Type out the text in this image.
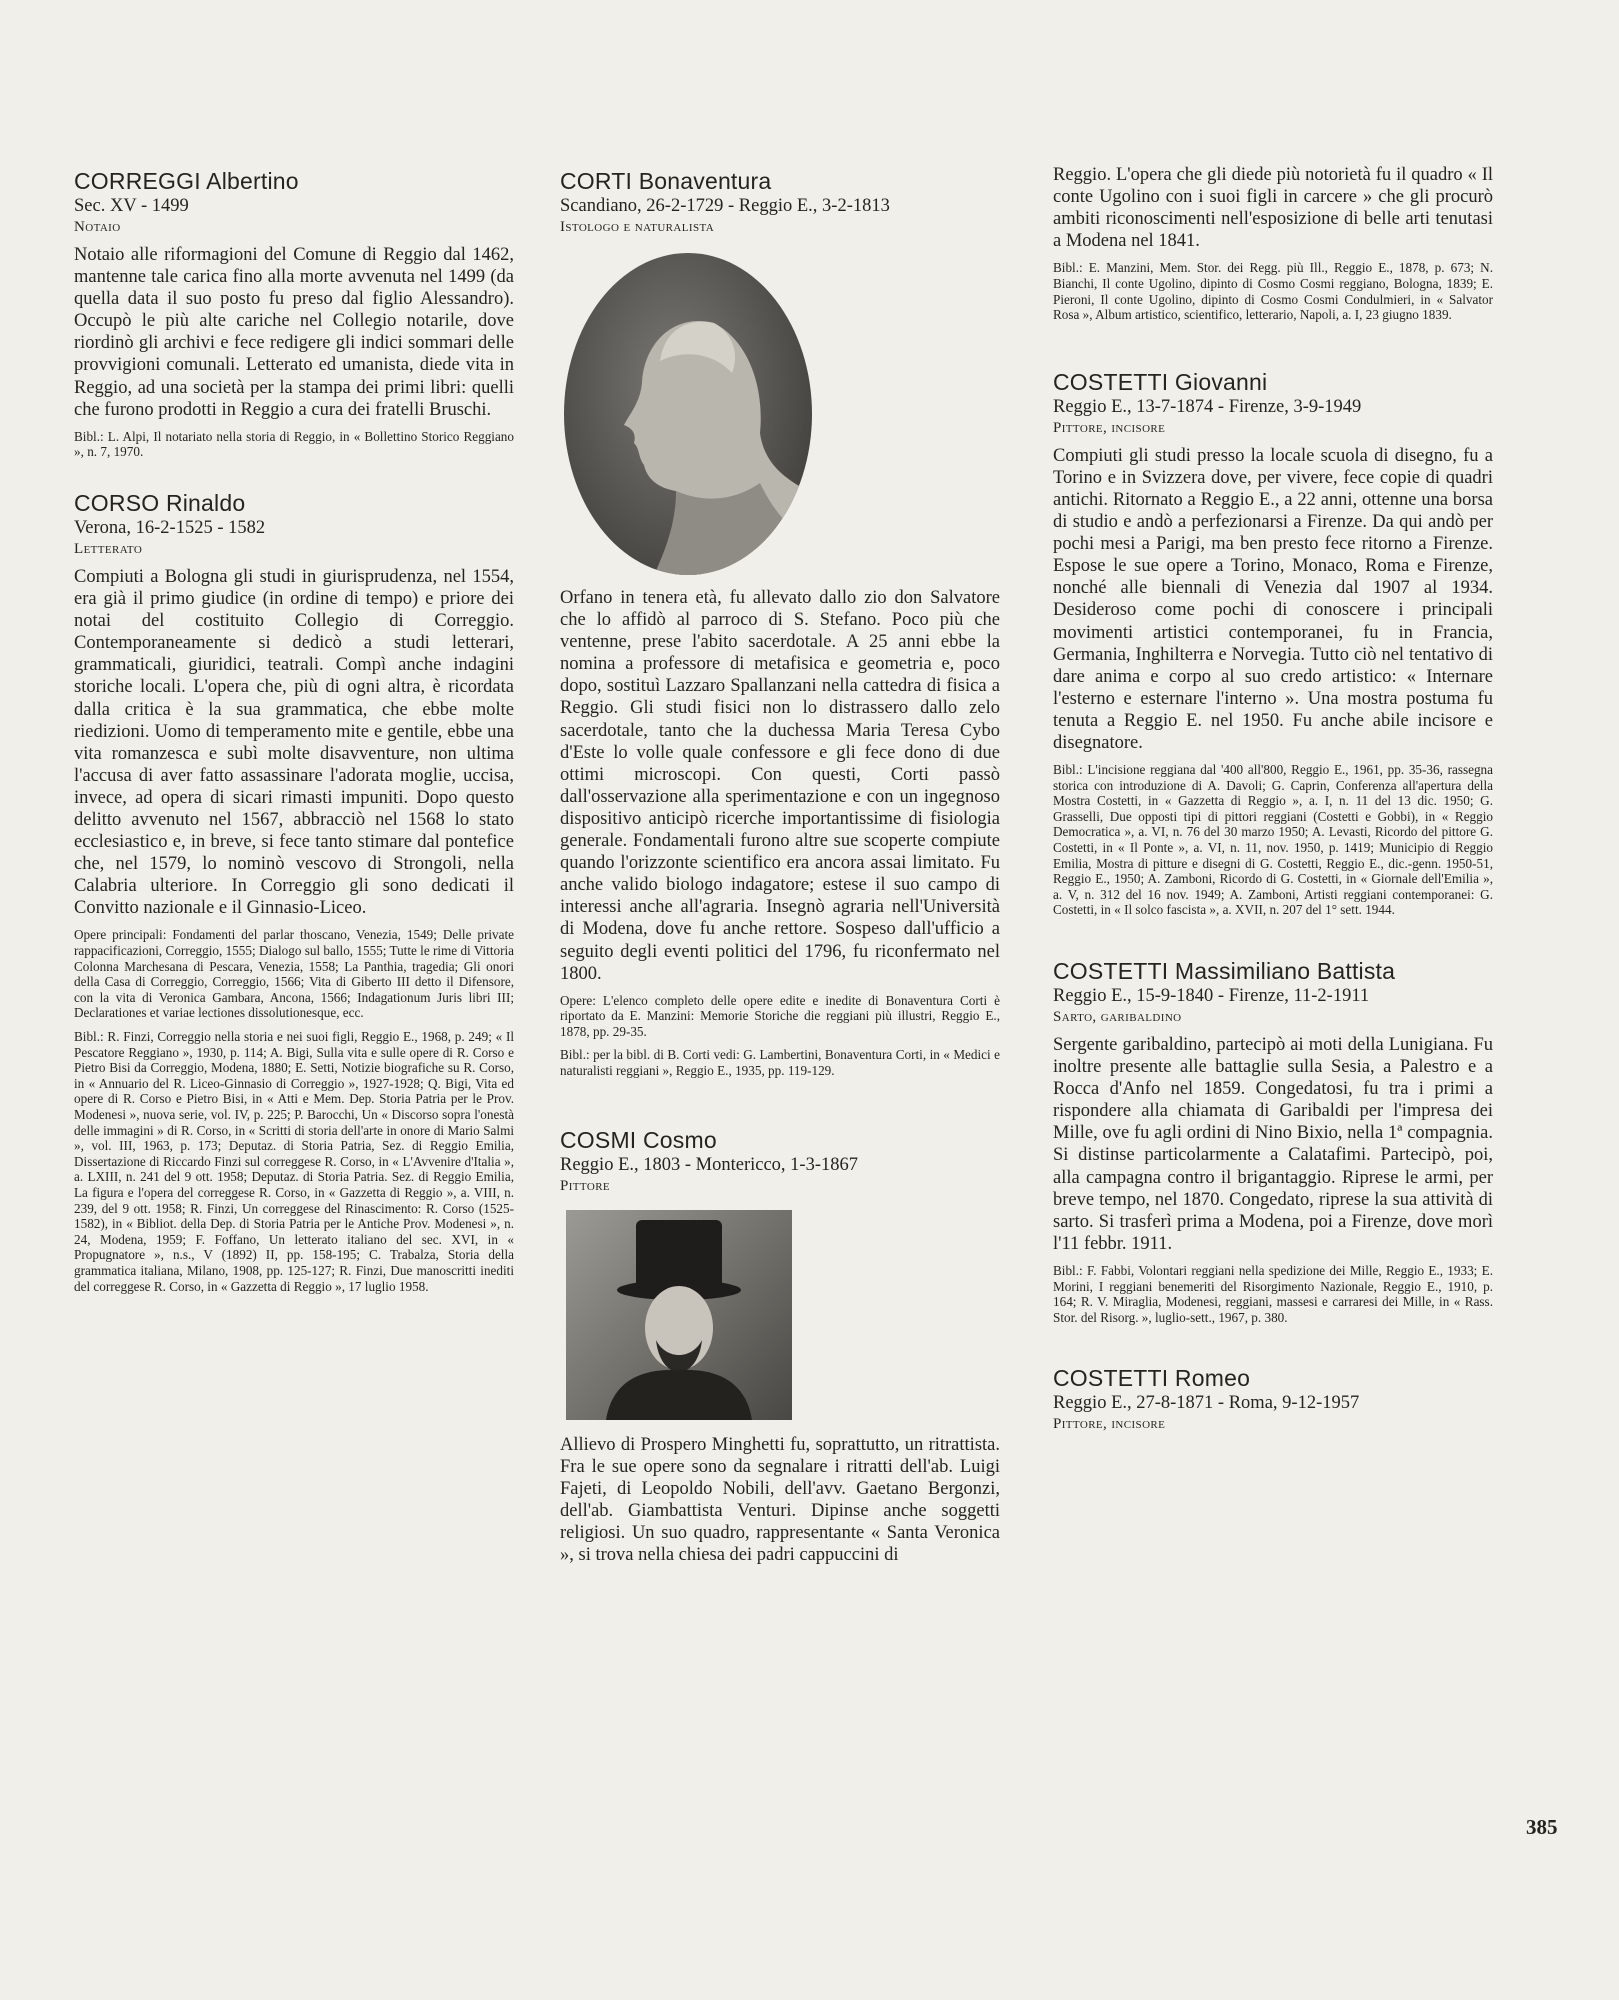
CORREGGI Albertino
Sec. XV - 1499
Notaio
Notaio alle riformagioni del Comune di Reggio dal 1462, mantenne tale carica fino alla morte avvenuta nel 1499 (da quella data il suo posto fu preso dal figlio Alessandro). Occupò le più alte cariche nel Collegio notarile, dove riordinò gli archivi e fece redigere gli indici sommari delle provvigioni comunali. Letterato ed umanista, diede vita in Reggio, ad una società per la stampa dei primi libri: quelli che furono prodotti in Reggio a cura dei fratelli Bruschi.
Bibl.: L. Alpi, Il notariato nella storia di Reggio, in « Bollettino Storico Reggiano », n. 7, 1970.
CORSO Rinaldo
Verona, 16-2-1525 - 1582
Letterato
Compiuti a Bologna gli studi in giurisprudenza, nel 1554, era già il primo giudice (in ordine di tempo) e priore dei notai del costituito Collegio di Correggio. Contemporaneamente si dedicò a studi letterari, grammaticali, giuridici, teatrali. Compì anche indagini storiche locali. L'opera che, più di ogni altra, è ricordata dalla critica è la sua grammatica, che ebbe molte riedizioni. Uomo di temperamento mite e gentile, ebbe una vita romanzesca e subì molte disavventure, non ultima l'accusa di aver fatto assassinare l'adorata moglie, uccisa, invece, ad opera di sicari rimasti impuniti. Dopo questo delitto avvenuto nel 1567, abbracciò nel 1568 lo stato ecclesiastico e, in breve, si fece tanto stimare dal pontefice che, nel 1579, lo nominò vescovo di Strongoli, nella Calabria ulteriore. In Correggio gli sono dedicati il Convitto nazionale e il Ginnasio-Liceo.
Opere principali: Fondamenti del parlar thoscano, Venezia, 1549; Delle private rappacificazioni, Correggio, 1555; Dialogo sul ballo, 1555; Tutte le rime di Vittoria Colonna Marchesana di Pescara, Venezia, 1558; La Panthia, tragedia; Gli onori della Casa di Correggio, Correggio, 1566; Vita di Giberto III detto il Difensore, con la vita di Veronica Gambara, Ancona, 1566; Indagationum Juris libri III; Declarationes et variae lectiones dissolutionesque, ecc.
Bibl.: R. Finzi, Correggio nella storia e nei suoi figli, Reggio E., 1968, p. 249; « Il Pescatore Reggiano », 1930, p. 114; A. Bigi, Sulla vita e sulle opere di R. Corso e Pietro Bisi da Correggio, Modena, 1880; E. Setti, Notizie biografiche su R. Corso, in « Annuario del R. Liceo-Ginnasio di Correggio », 1927-1928; Q. Bigi, Vita ed opere di R. Corso e Pietro Bisi, in « Atti e Mem. Dep. Storia Patria per le Prov. Modenesi », nuova serie, vol. IV, p. 225; P. Barocchi, Un « Discorso sopra l'onestà delle immagini » di R. Corso, in « Scritti di storia dell'arte in onore di Mario Salmi », vol. III, 1963, p. 173; Deputaz. di Storia Patria, Sez. di Reggio Emilia, Dissertazione di Riccardo Finzi sul correggese R. Corso, in « L'Avvenire d'Italia », a. LXIII, n. 241 del 9 ott. 1958; Deputaz. di Storia Patria. Sez. di Reggio Emilia, La figura e l'opera del correggese R. Corso, in « Gazzetta di Reggio », a. VIII, n. 239, del 9 ott. 1958; R. Finzi, Un correggese del Rinascimento: R. Corso (1525-1582), in « Bibliot. della Dep. di Storia Patria per le Antiche Prov. Modenesi », n. 24, Modena, 1959; F. Foffano, Un letterato italiano del sec. XVI, in « Propugnatore », n.s., V (1892) II, pp. 158-195; C. Trabalza, Storia della grammatica italiana, Milano, 1908, pp. 125-127; R. Finzi, Due manoscritti inediti del correggese R. Corso, in « Gazzetta di Reggio », 17 luglio 1958.
CORTI Bonaventura
Scandiano, 26-2-1729 - Reggio E., 3-2-1813
Istologo e naturalista
Orfano in tenera età, fu allevato dallo zio don Salvatore che lo affidò al parroco di S. Stefano. Poco più che ventenne, prese l'abito sacerdotale. A 25 anni ebbe la nomina a professore di metafisica e geometria e, poco dopo, sostituì Lazzaro Spallanzani nella cattedra di fisica a Reggio. Gli studi fisici non lo distrassero dallo zelo sacerdotale, tanto che la duchessa Maria Teresa Cybo d'Este lo volle quale confessore e gli fece dono di due ottimi microscopi. Con questi, Corti passò dall'osservazione alla sperimentazione e con un ingegnoso dispositivo anticipò ricerche importantissime di fisiologia generale. Fondamentali furono altre sue scoperte compiute quando l'orizzonte scientifico era ancora assai limitato. Fu anche valido biologo indagatore; estese il suo campo di interessi anche all'agraria. Insegnò agraria nell'Università di Modena, dove fu anche rettore. Sospeso dall'ufficio a seguito degli eventi politici del 1796, fu riconfermato nel 1800.
Opere: L'elenco completo delle opere edite e inedite di Bonaventura Corti è riportato da E. Manzini: Memorie Storiche die reggiani più illustri, Reggio E., 1878, pp. 29-35.
Bibl.: per la bibl. di B. Corti vedi: G. Lambertini, Bonaventura Corti, in « Medici e naturalisti reggiani », Reggio E., 1935, pp. 119-129.
COSMI Cosmo
Reggio E., 1803 - Montericco, 1-3-1867
Pittore
Allievo di Prospero Minghetti fu, soprattutto, un ritrattista. Fra le sue opere sono da segnalare i ritratti dell'ab. Luigi Fajeti, di Leopoldo Nobili, dell'avv. Gaetano Bergonzi, dell'ab. Giambattista Venturi. Dipinse anche soggetti religiosi. Un suo quadro, rappresentante « Santa Veronica », si trova nella chiesa dei padri cappuccini di
Reggio. L'opera che gli diede più notorietà fu il quadro « Il conte Ugolino con i suoi figli in carcere » che gli procurò ambiti riconoscimenti nell'esposizione di belle arti tenutasi a Modena nel 1841.
Bibl.: E. Manzini, Mem. Stor. dei Regg. più Ill., Reggio E., 1878, p. 673; N. Bianchi, Il conte Ugolino, dipinto di Cosmo Cosmi reggiano, Bologna, 1839; E. Pieroni, Il conte Ugolino, dipinto di Cosmo Cosmi Condulmieri, in « Salvator Rosa », Album artistico, scientifico, letterario, Napoli, a. I, 23 giugno 1839.
COSTETTI Giovanni
Reggio E., 13-7-1874 - Firenze, 3-9-1949
Pittore, incisore
Compiuti gli studi presso la locale scuola di disegno, fu a Torino e in Svizzera dove, per vivere, fece copie di quadri antichi. Ritornato a Reggio E., a 22 anni, ottenne una borsa di studio e andò a perfezionarsi a Firenze. Da qui andò per pochi mesi a Parigi, ma ben presto fece ritorno a Firenze. Espose le sue opere a Torino, Monaco, Roma e Firenze, nonché alle biennali di Venezia dal 1907 al 1934. Desideroso come pochi di conoscere i principali movimenti artistici contemporanei, fu in Francia, Germania, Inghilterra e Norvegia. Tutto ciò nel tentativo di dare anima e corpo al suo credo artistico: « Internare l'esterno e esternare l'interno ». Una mostra postuma fu tenuta a Reggio E. nel 1950. Fu anche abile incisore e disegnatore.
Bibl.: L'incisione reggiana dal '400 all'800, Reggio E., 1961, pp. 35-36, rassegna storica con introduzione di A. Davoli; G. Caprin, Conferenza all'apertura della Mostra Costetti, in « Gazzetta di Reggio », a. I, n. 11 del 13 dic. 1950; G. Grasselli, Due opposti tipi di pittori reggiani (Costetti e Gobbi), in « Reggio Democratica », a. VI, n. 76 del 30 marzo 1950; A. Levasti, Ricordo del pittore G. Costetti, in « Il Ponte », a. VI, n. 11, nov. 1950, p. 1419; Municipio di Reggio Emilia, Mostra di pitture e disegni di G. Costetti, Reggio E., dic.-genn. 1950-51, Reggio E., 1950; A. Zamboni, Ricordo di G. Costetti, in « Giornale dell'Emilia », a. V, n. 312 del 16 nov. 1949; A. Zamboni, Artisti reggiani contemporanei: G. Costetti, in « Il solco fascista », a. XVII, n. 207 del 1° sett. 1944.
COSTETTI Massimiliano Battista
Reggio E., 15-9-1840 - Firenze, 11-2-1911
Sarto, garibaldino
Sergente garibaldino, partecipò ai moti della Lunigiana. Fu inoltre presente alle battaglie sulla Sesia, a Palestro e a Rocca d'Anfo nel 1859. Congedatosi, fu tra i primi a rispondere alla chiamata di Garibaldi per l'impresa dei Mille, ove fu agli ordini di Nino Bixio, nella 1ª compagnia. Si distinse particolarmente a Calatafimi. Partecipò, poi, alla campagna contro il brigantaggio. Riprese le armi, per breve tempo, nel 1870. Congedato, riprese la sua attività di sarto. Si trasferì prima a Modena, poi a Firenze, dove morì l'11 febbr. 1911.
Bibl.: F. Fabbi, Volontari reggiani nella spedizione dei Mille, Reggio E., 1933; E. Morini, I reggiani benemeriti del Risorgimento Nazionale, Reggio E., 1910, p. 164; R. V. Miraglia, Modenesi, reggiani, massesi e carraresi dei Mille, in « Rass. Stor. del Risorg. », luglio-sett., 1967, p. 380.
COSTETTI Romeo
Reggio E., 27-8-1871 - Roma, 9-12-1957
Pittore, incisore
385
